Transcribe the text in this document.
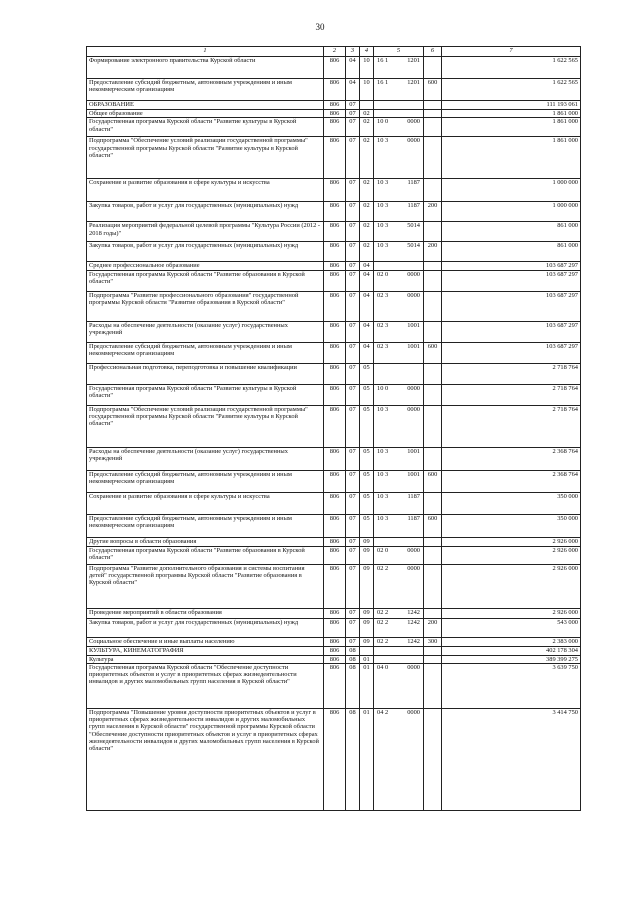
30
1	2	3	4	5	6	7
Формирование электронного правительства Курской области	806	04	10	16 1 1201		1 622 565
Предоставление субсидий бюджетным, автономным учреждениям и иным некоммерческим организациям	806	04	10	16 1 1201	600	1 622 565
ОБРАЗОВАНИЕ	806	07				111 193 061
Общее образование	806	07	02			1 861 000
Государственная программа Курской области "Развитие культуры в Курской области"	806	07	02	10 0 0000		1 861 000
Подпрограмма "Обеспечение условий реализации государственной программы" государственной программы Курской области "Развитие культуры в Курской области"	806	07	02	10 3 0000		1 861 000
Сохранение и развитие образования в сфере культуры и искусства	806	07	02	10 3 1187		1 000 000
Закупка товаров, работ и услуг для государственных (муниципальных) нужд	806	07	02	10 3 1187	200	1 000 000
Реализация мероприятий федеральной целевой программы "Культура России (2012 - 2018 годы)"	806	07	02	10 3 5014		861 000
Закупка товаров, работ и услуг для государственных (муниципальных) нужд	806	07	02	10 3 5014	200	861 000
Среднее профессиональное образование	806	07	04			103 687 297
Государственная программа Курской области "Развитие образования в Курской области"	806	07	04	02 0 0000		103 687 297
Подпрограмма "Развитие профессионального образования" государственной программы Курской области "Развитие образования в Курской области"	806	07	04	02 3 0000		103 687 297
Расходы на обеспечение деятельности (оказание услуг) государственных учреждений	806	07	04	02 3 1001		103 687 297
Предоставление субсидий бюджетным, автономным учреждениям и иным некоммерческим организациям	806	07	04	02 3 1001	600	103 687 297
Профессиональная подготовка, переподготовка и повышение квалификации	806	07	05			2 718 764
Государственная программа Курской области "Развитие культуры в Курской области"	806	07	05	10 0 0000		2 718 764
Подпрограмма "Обеспечение условий реализации государственной программы" государственной программы Курской области "Развитие культуры в Курской области"	806	07	05	10 3 0000		2 718 764
Расходы на обеспечение деятельности (оказание услуг) государственных учреждений	806	07	05	10 3 1001		2 368 764
Предоставление субсидий бюджетным, автономным учреждениям и иным некоммерческим организациям	806	07	05	10 3 1001	600	2 368 764
Сохранение и развитие образования в сфере культуры и искусства	806	07	05	10 3 1187		350 000
Предоставление субсидий бюджетным, автономным учреждениям и иным некоммерческим организациям	806	07	05	10 3 1187	600	350 000
Другие вопросы в области образования	806	07	09			2 926 000
Государственная программа Курской области "Развитие образования в Курской области"	806	07	09	02 0 0000		2 926 000
Подпрограмма "Развитие дополнительного образования и системы воспитания детей" государственной программы Курской области "Развитие образования в Курской области"	806	07	09	02 2 0000		2 926 000
Проведение мероприятий в области образования	806	07	09	02 2 1242		2 926 000
Закупка товаров, работ и услуг для государственных (муниципальных) нужд	806	07	09	02 2 1242	200	543 000
Социальное обеспечение и иные выплаты населению	806	07	09	02 2 1242	300	2 383 000
КУЛЬТУРА, КИНЕМАТОГРАФИЯ	806	08				402 178 304
Культура	806	08	01			389 399 275
Государственная программа Курской области "Обеспечение доступности приоритетных объектов и услуг в приоритетных сферах жизнедеятельности инвалидов и других маломобильных групп населения в Курской области"	806	08	01	04 0 0000		3 639 750
Подпрограмма "Повышение уровня доступности приоритетных объектов и услуг в приоритетных сферах жизнедеятельности инвалидов и других маломобильных групп населения в Курской области" государственной программы Курской области "Обеспечение доступности приоритетных объектов и услуг в приоритетных сферах жизнедеятельности инвалидов и других маломобильных групп населения в Курской области"	806	08	01	04 2 0000		3 414 750
